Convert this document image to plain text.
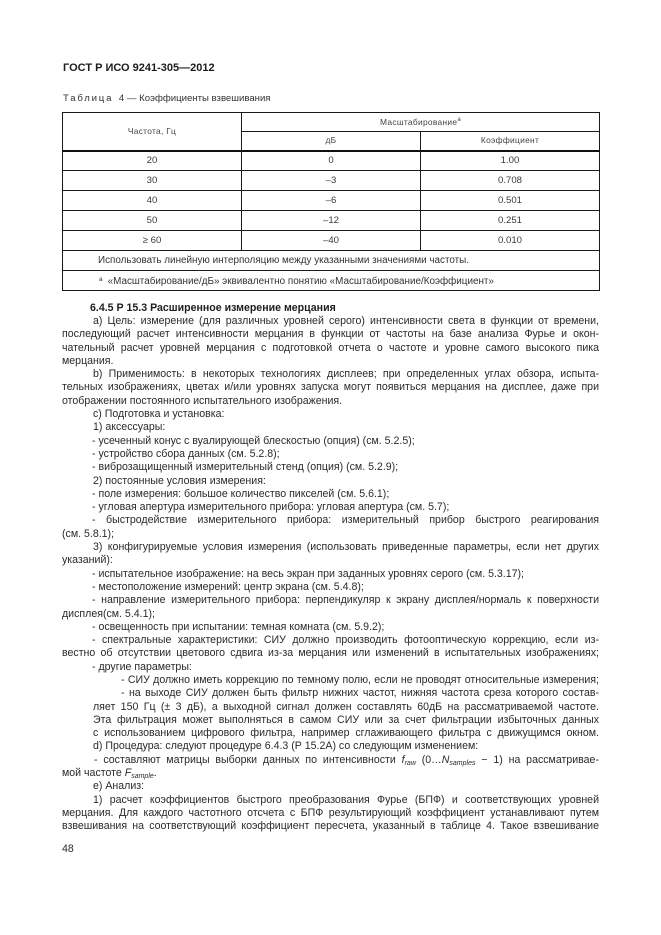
ГОСТ Р ИСО 9241-305—2012
Таблица 4 — Коэффициенты взвешивания
Частота, Гц	Масштабирование$^а$
	дБ	Коэффициент
20	0	1.00
30	–3	0.708
40	–6	0.501
50	–12	0.251
≥ 60	–40	0.010
Использовать линейную интерполяцию между указанными значениями частоты.		
$^а$ «Масштабирование/дБ» эквивалентно понятию «Масштабирование/Коэффициент»		
6.4.5 Р 15.3 Расширенное измерение мерцания
a) Цель: измерение (для различных уровней серого) интенсивности света в функции от времени,
последующий расчет интенсивности мерцания в функции от частоты на базе анализа Фурье и окон-
чательный расчет уровней мерцания с подготовкой отчета о частоте и уровне самого высокого пика
мерцания.
b) Применимость: в некоторых технологиях дисплеев; при определенных углах обзора, испыта-
тельных изображениях, цветах и/или уровнях запуска могут появиться мерцания на дисплее, даже при
отображении постоянного испытательного изображения.
c) Подготовка и установка:
1) аксессуары:
- усеченный конус с вуалирующей блескостью (опция) (см. 5.2.5);
- устройство сбора данных (см. 5.2.8);
- виброзащищенный измерительный стенд (опция) (см. 5.2.9);
2) постоянные условия измерения:
- поле измерения: большое количество пикселей (см. 5.6.1);
- угловая апертура измерительного прибора: угловая апертура (см. 5.7);
- быстродействие измерительного прибора: измерительный прибор быстрого реагирования
(см. 5.8.1);
3) конфигурируемые условия измерения (использовать приведенные параметры, если нет других
указаний):
- испытательное изображение: на весь экран при заданных уровнях серого (см. 5.3.17);
- местоположение измерений: центр экрана (см. 5.4.8);
- направление измерительного прибора: перпендикуляр к экрану дисплея/нормаль к поверхности
дисплея(см. 5.4.1);
- освещенность при испытании: темная комната (см. 5.9.2);
- спектральные характеристики: СИУ должно производить фотооптическую коррекцию, если из-
вестно об отсутствии цветового сдвига из-за мерцания или изменений в испытательных изображениях;
- другие параметры:
- СИУ должно иметь коррекцию по темному полю, если не проводят относительные измерения;
- на выходе СИУ должен быть фильтр нижних частот, нижняя частота среза которого состав-
ляет 150 Гц (± 3 дБ), а выходной сигнал должен составлять 60дБ на рассматриваемой частоте.
Эта фильтрация может выполняться в самом СИУ или за счет фильтрации избыточных данных
с использованием цифрового фильтра, например сглаживающего фильтра с движущимся окном.
d) Процедура: следуют процедуре 6.4.3 (Р 15.2А) со следующим изменением:
- составляют матрицы выборки данных по интенсивности $f_{raw}$ $(0\dots N_{samples} - 1)$ на рассматривае-
мой частоте $F_{sample}$.
e) Анализ:
1) расчет коэффициентов быстрого преобразования Фурье (БПФ) и соответствующих уровней
мерцания. Для каждого частотного отсчета с БПФ результирующий коэффициент устанавливают путем
взвешивания на соответствующий коэффициент пересчета, указанный в таблице 4. Такое взвешивание
48
